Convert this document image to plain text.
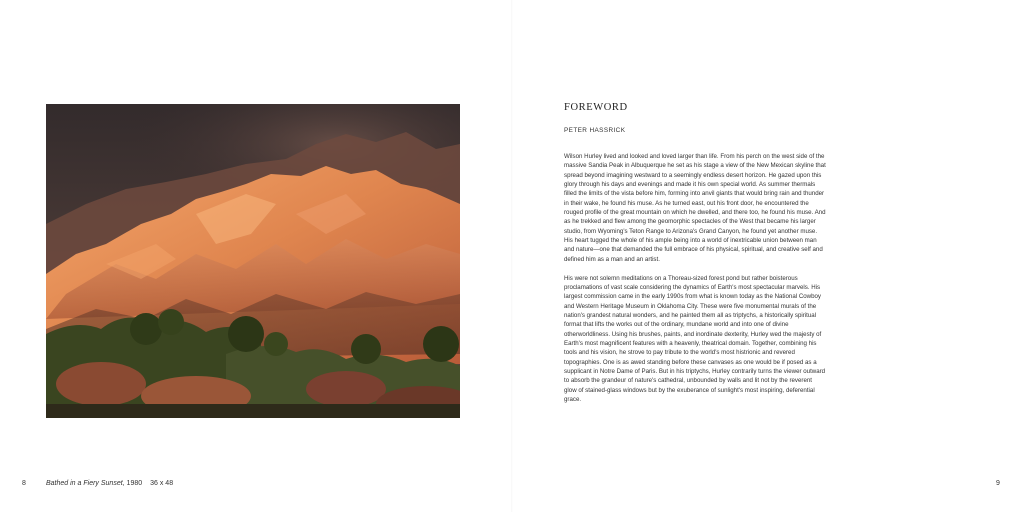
Bathed in a Fiery Sunset, 1980 36 x 48
8
FOREWORD
PETER HASSRICK

Wilson Hurley lived and looked and loved larger than life. From his perch on the west side of the massive Sandia Peak in Albuquerque he set as his stage a view of the New Mexican skyline that spread beyond imagining westward to a seemingly endless desert horizon. He gazed upon this glory through his days and evenings and made it his own special world. As summer thermals filled the limits of the vista before him, forming into anvil giants that would bring rain and thunder in their wake, he found his muse. As he turned east, out his front door, he encountered the rouged profile of the great mountain on which he dwelled, and there too, he found his muse. And as he trekked and flew among the geomorphic spectacles of the West that became his larger studio, from Wyoming's Teton Range to Arizona's Grand Canyon, he found yet another muse. His heart tugged the whole of his ample being into a world of inextricable union between man and nature—one that demanded the full embrace of his physical, spiritual, and creative self and defined him as a man and an artist.

His were not solemn meditations on a Thoreau-sized forest pond but rather boisterous proclamations of vast scale considering the dynamics of Earth's most spectacular marvels. His largest commission came in the early 1990s from what is known today as the National Cowboy and Western Heritage Museum in Oklahoma City. These were five monumental murals of the nation's grandest natural wonders, and he painted them all as triptychs, a historically spiritual format that lifts the works out of the ordinary, mundane world and into one of divine otherworldliness. Using his brushes, paints, and inordinate dexterity, Hurley wed the majesty of Earth's most magnificent features with a heavenly, theatrical domain. Together, combining his tools and his vision, he strove to pay tribute to the world's most histrionic and revered topographies. One is as awed standing before these canvases as one would be if posed as a supplicant in Notre Dame of Paris. But in his triptychs, Hurley contrarily turns the viewer outward to absorb the grandeur of nature's cathedral, unbounded by walls and lit not by the reverent glow of stained-glass windows but by the exuberance of sunlight's most inspiring, deferential grace.

9
